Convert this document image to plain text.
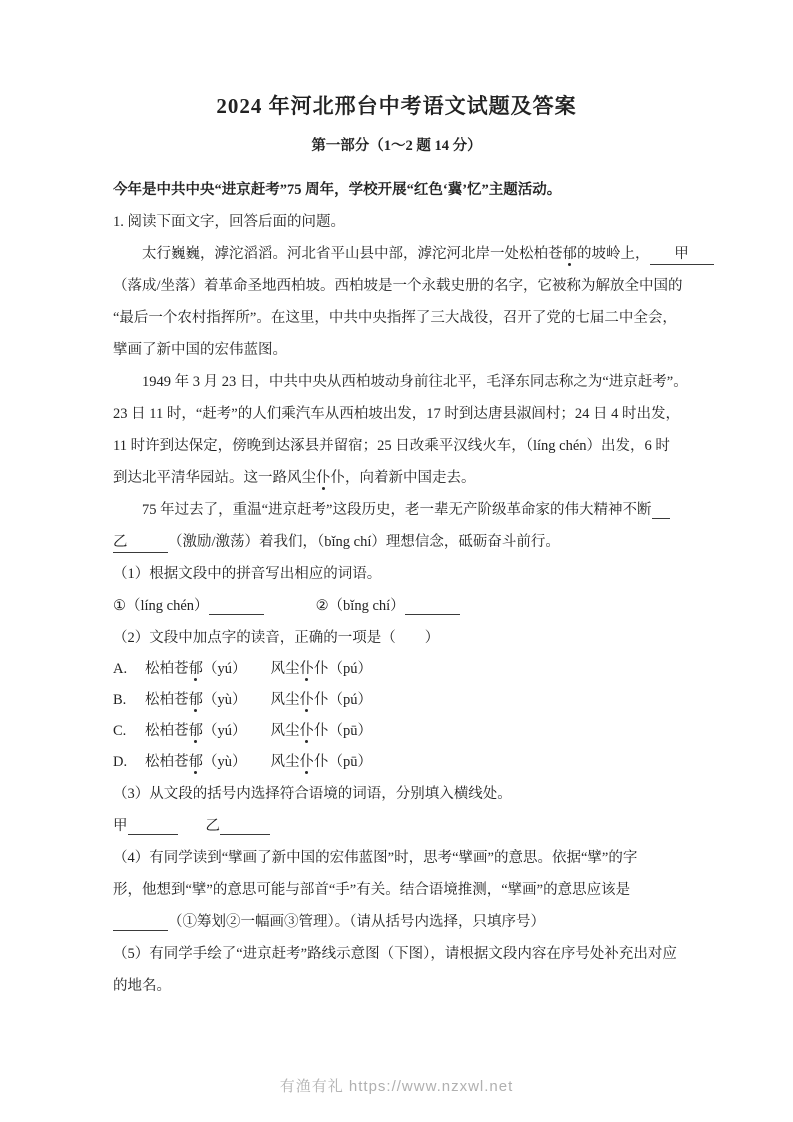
2024 年河北邢台中考语文试题及答案
第一部分（1～2 题 14 分）
今年是中共中央“进京赶考”75 周年，学校开展“红色‘冀’忆”主题活动。
1. 阅读下面文字，回答后面的问题。
太行巍巍，滹沱滔滔。河北省平山县中部，滹沱河北岸一处松柏苍郁的坡岭上， 甲
（落成/坐落）着革命圣地西柏坡。西柏坡是一个永载史册的名字，它被称为解放全中国的
“最后一个农村指挥所”。在这里，中共中央指挥了三大战役，召开了党的七届二中全会，
擘画了新中国的宏伟蓝图。
1949 年 3 月 23 日，中共中央从西柏坡动身前往北平，毛泽东同志称之为“进京赶考”。
23 日 11 时，“赶考”的人们乘汽车从西柏坡出发，17 时到达唐县淑闾村；24 日 4 时出发，
11 时许到达保定，傍晚到达涿县并留宿；25 日改乘平汉线火车，（líng chén）出发，6 时
到达北平清华园站。这一路风尘仆仆，向着新中国走去。
75 年过去了，重温“进京赶考”这段历史，老一辈无产阶级革命家的伟大精神不断
乙	（激励/激荡）着我们，（bǐng chí）理想信念，砥砺奋斗前行。
（1）根据文段中的拼音写出相应的词语。
①（líng chén）	②（bǐng chí）
（2）文段中加点字的读音，正确的一项是（　　）
A. 松柏苍郁（yú） 风尘仆仆（pú）
B. 松柏苍郁（yù） 风尘仆仆（pú）
C. 松柏苍郁（yú） 风尘仆仆（pū）
D. 松柏苍郁（yù） 风尘仆仆（pū）
（3）从文段的括号内选择符合语境的词语，分别填入横线处。
甲	乙
（4）有同学读到“擘画了新中国的宏伟蓝图”时，思考“擘画”的意思。依据“擘”的字
形，他想到“擘”的意思可能与部首“手”有关。结合语境推测，“擘画”的意思应该是
（①筹划②一幅画③管理）。（请从括号内选择，只填序号）
（5）有同学手绘了“进京赶考”路线示意图（下图），请根据文段内容在序号处补充出对应
的地名。
有渔有礼 https://www.nzxwl.net
